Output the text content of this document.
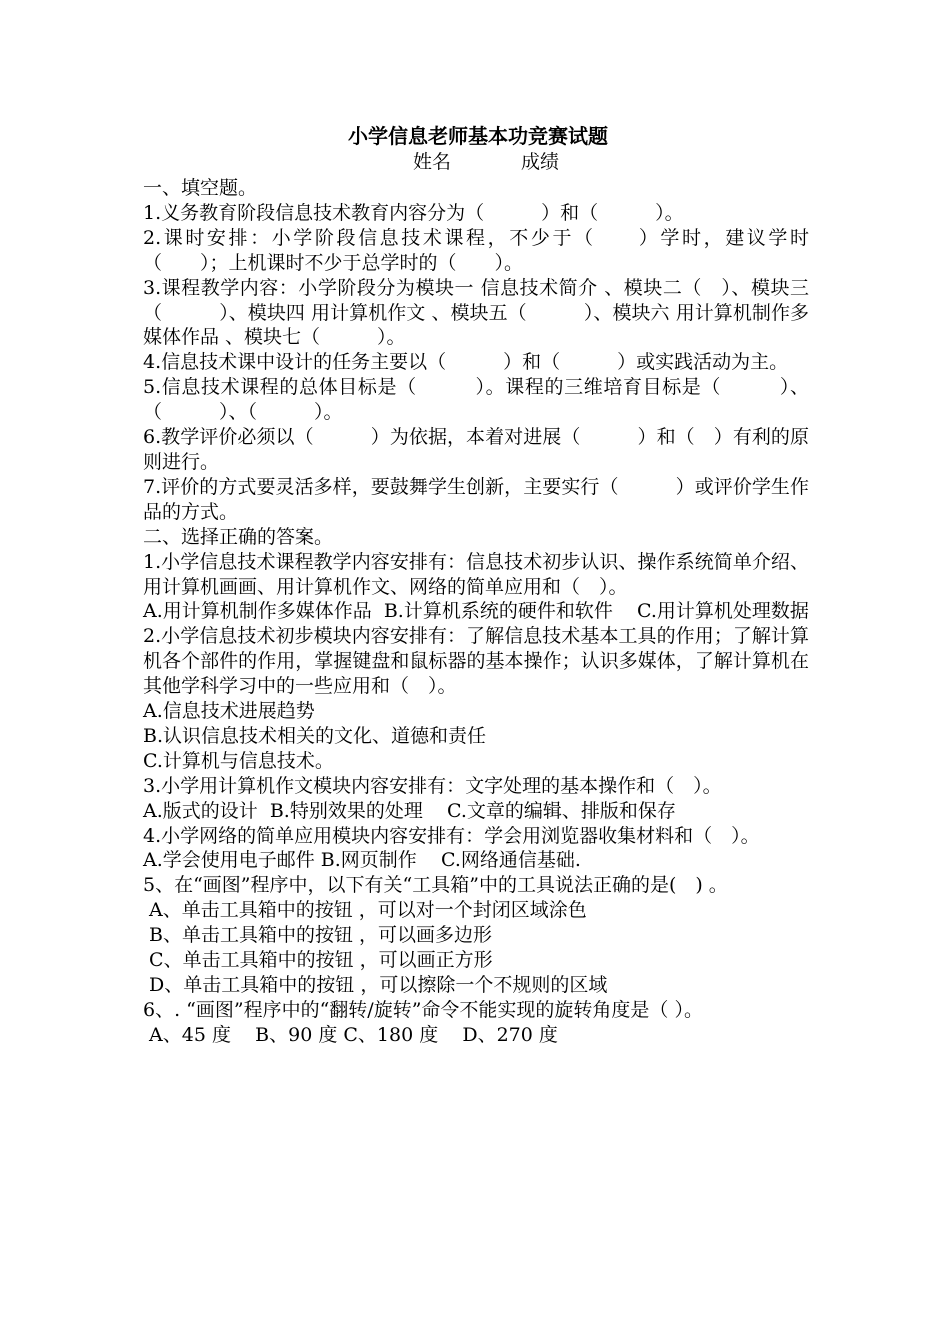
小学信息老师基本功竞赛试题

姓名	成绩

一、填空题。

1.义务教育阶段信息技术教育内容分为（　　　）和（　　　）。

2.课时安排：小学阶段信息技术课程，不少于（　　）学时，建议学时（　　）；上机课时不少于总学时的（　　）。

3.课程教学内容：小学阶段分为模块一 信息技术简介 、模块二（　）、模块三（　　　）、模块四 用计算机作文 、模块五（　　　）、模块六 用计算机制作多媒体作品 、模块七（　　　）。

4.信息技术课中设计的任务主要以（　　　）和（　　　）或实践活动为主。

5.信息技术课程的总体目标是（　　　）。课程的三维培育目标是（　　　）、（　　　）、（　　　）。

6.教学评价必须以（　　　）为依据，本着对进展（　　　）和（　）有利的原则进行。

7.评价的方式要灵活多样，要鼓舞学生创新，主要实行（　　　）或评价学生作品的方式。

二、选择正确的答案。

1.小学信息技术课程教学内容安排有：信息技术初步认识、操作系统简单介绍、用计算机画画、用计算机作文、网络的简单应用和（　）。

A.用计算机制作多媒体作品  B.计算机系统的硬件和软件    C.用计算机处理数据

2.小学信息技术初步模块内容安排有：了解信息技术基本工具的作用；了解计算机各个部件的作用，掌握键盘和鼠标器的基本操作；认识多媒体，了解计算机在其他学科学习中的一些应用和（　）。

A.信息技术进展趋势

B.认识信息技术相关的文化、道德和责任

C.计算机与信息技术。

3.小学用计算机作文模块内容安排有：文字处理的基本操作和（　）。

A.版式的设计  B.特别效果的处理    C.文章的编辑、排版和保存

4.小学网络的简单应用模块内容安排有：学会用浏览器收集材料和（　）。

A.学会使用电子邮件 B.网页制作    C.网络通信基础.

5、在“画图”程序中，以下有关“工具箱”中的工具说法正确的是(　) 。

A、单击工具箱中的按钮 ，可以对一个封闭区域涂色

B、单击工具箱中的按钮 ，可以画多边形

C、单击工具箱中的按钮 ，可以画正方形

D、单击工具箱中的按钮 ，可以擦除一个不规则的区域

6、. “画图”程序中的“翻转/旋转”命令不能实现的旋转角度是（ ）。

A、45 度    B、90 度 C、180 度    D、270 度
